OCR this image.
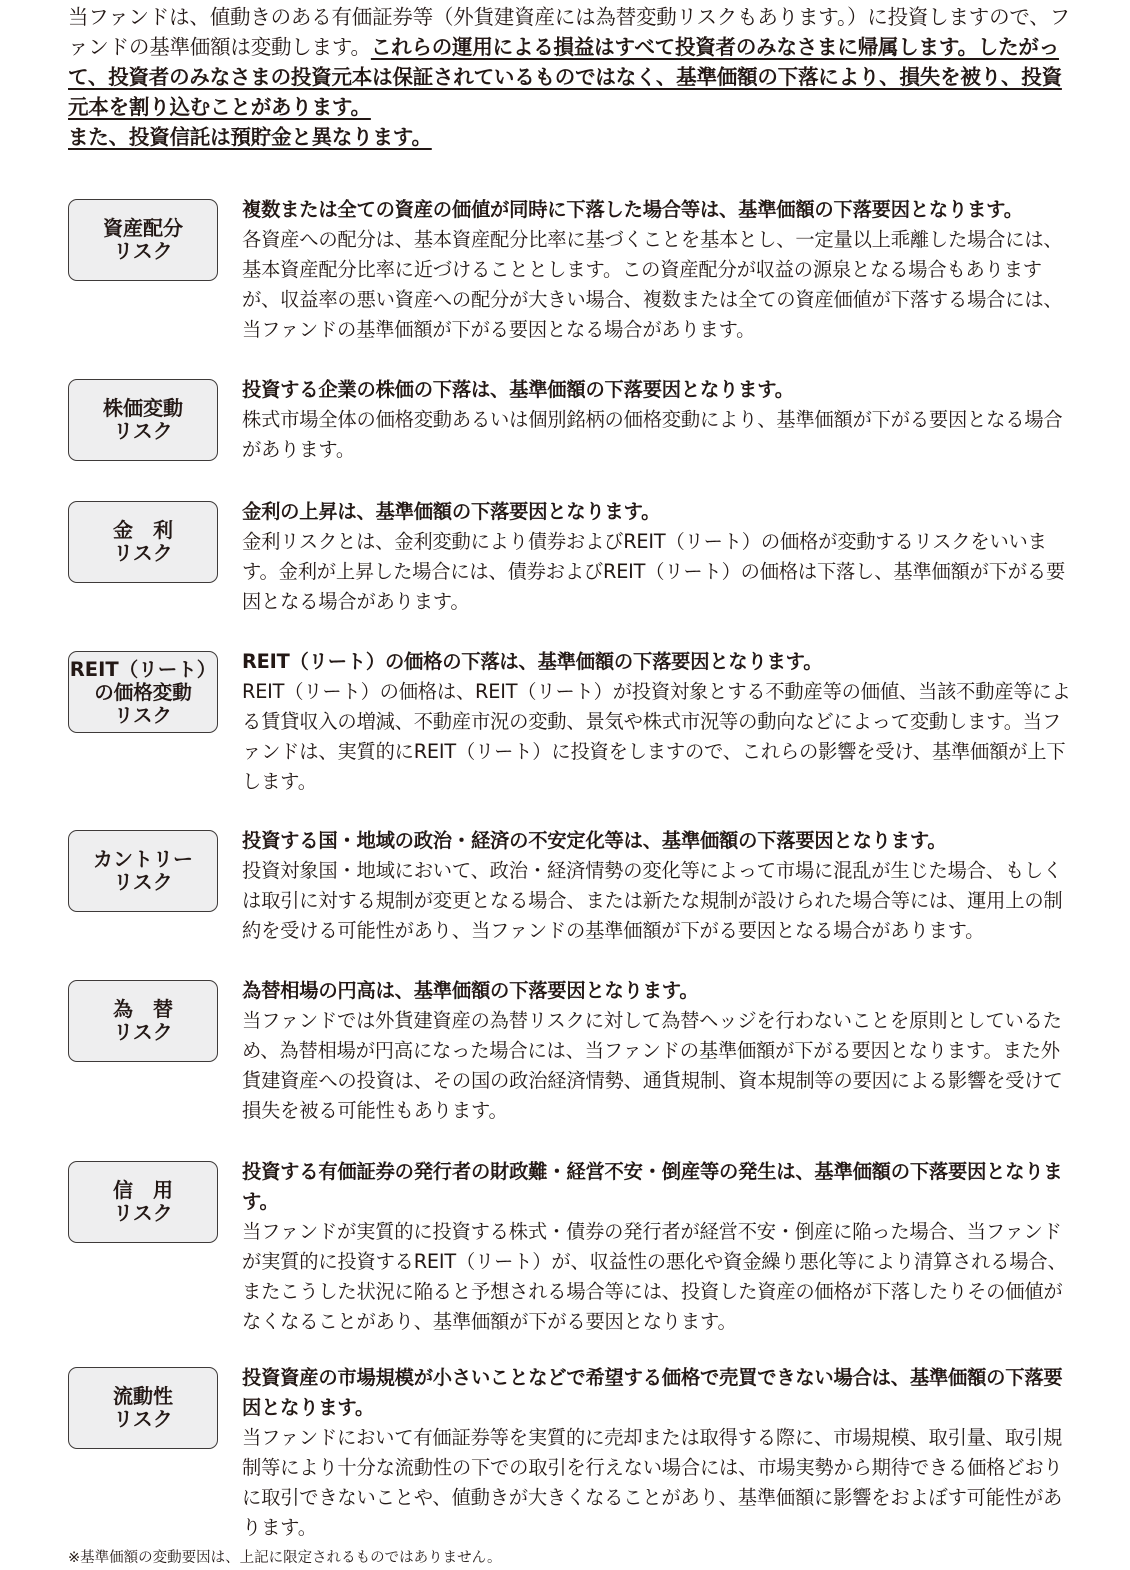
当ファンドは、値動きのある有価証券等（外貨建資産には為替変動リスクもあります。）に投資しますので、ファンドの基準価額は変動します。これらの運用による損益はすべて投資者のみなさまに帰属します。したがって、投資者のみなさまの投資元本は保証されているものではなく、基準価額の下落により、損失を被り、投資元本を割り込むことがあります。

また、投資信託は預貯金と異なります。

資産配分
リスク

複数または全ての資産の価値が同時に下落した場合等は、基準価額の下落要因となります。

各資産への配分は、基本資産配分比率に基づくことを基本とし、一定量以上乖離した場合には、基本資産配分比率に近づけることとします。この資産配分が収益の源泉となる場合もありますが、収益率の悪い資産への配分が大きい場合、複数または全ての資産価値が下落する場合には、当ファンドの基準価額が下がる要因となる場合があります。

株価変動
リスク

投資する企業の株価の下落は、基準価額の下落要因となります。

株式市場全体の価格変動あるいは個別銘柄の価格変動により、基準価額が下がる要因となる場合があります。

金　利
リスク

金利の上昇は、基準価額の下落要因となります。

金利リスクとは、金利変動により債券およびREIT（リート）の価格が変動するリスクをいいます。金利が上昇した場合には、債券およびREIT（リート）の価格は下落し、基準価額が下がる要因となる場合があります。

REIT（リート）
の価格変動
リスク

REIT（リート）の価格の下落は、基準価額の下落要因となります。

REIT（リート）の価格は、REIT（リート）が投資対象とする不動産等の価値、当該不動産等による賃貸収入の増減、不動産市況の変動、景気や株式市況等の動向などによって変動します。当ファンドは、実質的にREIT（リート）に投資をしますので、これらの影響を受け、基準価額が上下します。

カントリー
リスク

投資する国・地域の政治・経済の不安定化等は、基準価額の下落要因となります。

投資対象国・地域において、政治・経済情勢の変化等によって市場に混乱が生じた場合、もしくは取引に対する規制が変更となる場合、または新たな規制が設けられた場合等には、運用上の制約を受ける可能性があり、当ファンドの基準価額が下がる要因となる場合があります。

為　替
リスク

為替相場の円高は、基準価額の下落要因となります。

当ファンドでは外貨建資産の為替リスクに対して為替ヘッジを行わないことを原則としているため、為替相場が円高になった場合には、当ファンドの基準価額が下がる要因となります。また外貨建資産への投資は、その国の政治経済情勢、通貨規制、資本規制等の要因による影響を受けて損失を被る可能性もあります。

信　用
リスク

投資する有価証券の発行者の財政難・経営不安・倒産等の発生は、基準価額の下落要因となります。

当ファンドが実質的に投資する株式・債券の発行者が経営不安・倒産に陥った場合、当ファンドが実質的に投資するREIT（リート）が、収益性の悪化や資金繰り悪化等により清算される場合、またこうした状況に陥ると予想される場合等には、投資した資産の価格が下落したりその価値がなくなることがあり、基準価額が下がる要因となります。

流動性
リスク

投資資産の市場規模が小さいことなどで希望する価格で売買できない場合は、基準価額の下落要因となります。

当ファンドにおいて有価証券等を実質的に売却または取得する際に、市場規模、取引量、取引規制等により十分な流動性の下での取引を行えない場合には、市場実勢から期待できる価格どおりに取引できないことや、値動きが大きくなることがあり、基準価額に影響をおよぼす可能性があります。

※基準価額の変動要因は、上記に限定されるものではありません。
